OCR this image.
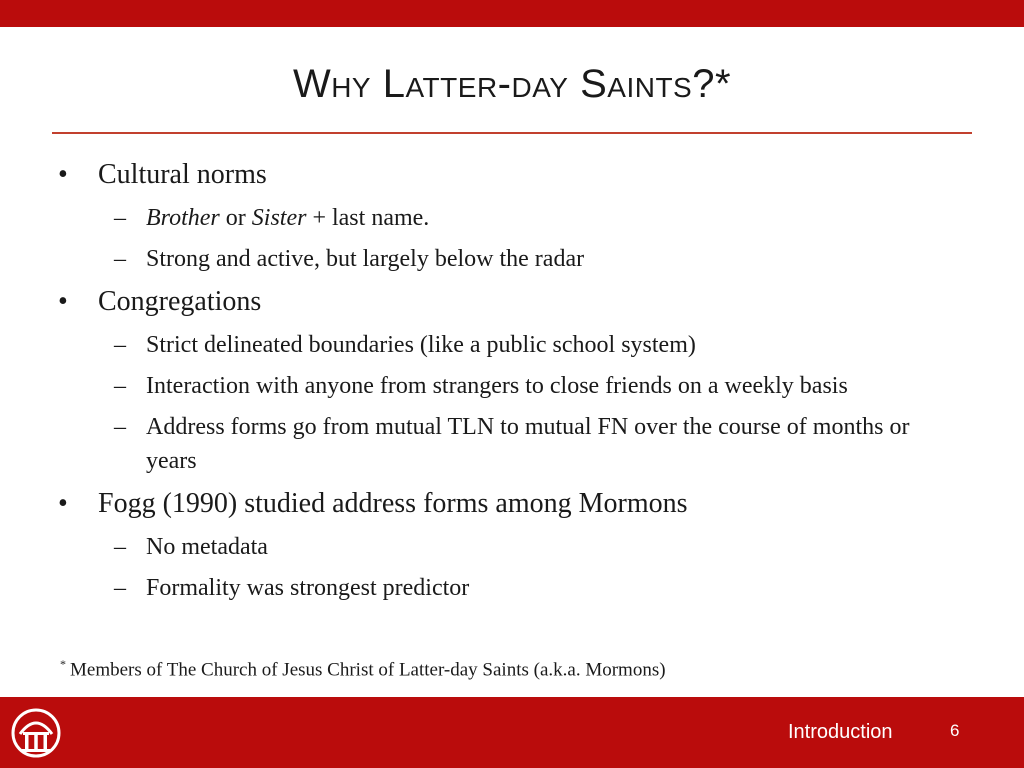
Why Latter-day Saints?*
•	Cultural norms
– Brother or Sister + last name.
– Strong and active, but largely below the radar
•	Congregations
– Strict delineated boundaries (like a public school system)
– Interaction with anyone from strangers to close friends on a weekly basis
– Address forms go from mutual TLN to mutual FN over the course of months or years
•	Fogg (1990) studied address forms among Mormons
– No metadata
– Formality was strongest predictor
* Members of The Church of Jesus Christ of Latter-day Saints (a.k.a. Mormons)
Introduction	6
